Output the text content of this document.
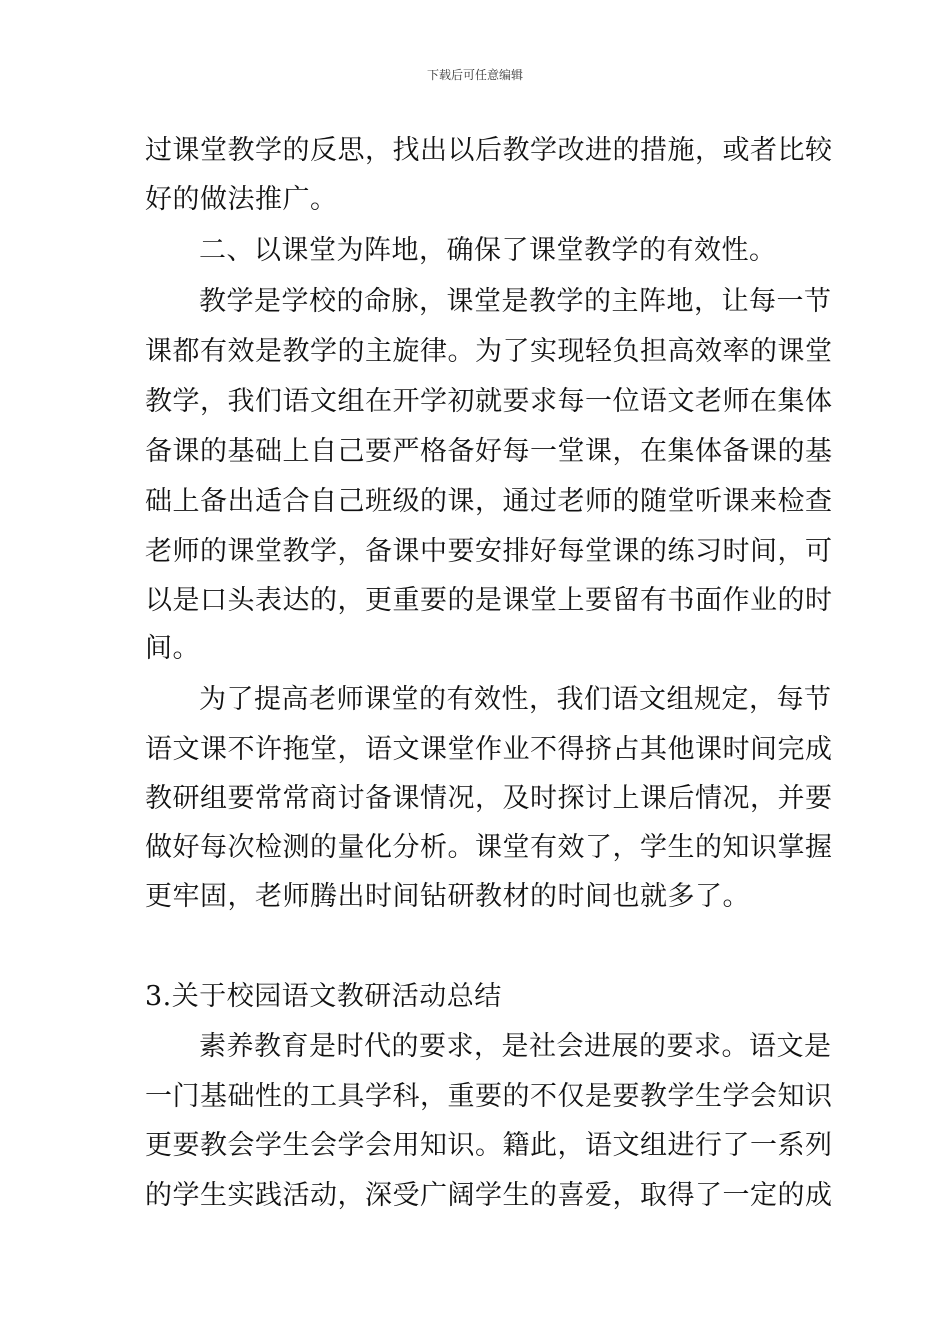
下载后可任意编辑
过课堂教学的反思，找出以后教学改进的措施，或者比较
好的做法推广。
二、以课堂为阵地，确保了课堂教学的有效性。
教学是学校的命脉，课堂是教学的主阵地，让每一节
课都有效是教学的主旋律。为了实现轻负担高效率的课堂
教学，我们语文组在开学初就要求每一位语文老师在集体
备课的基础上自己要严格备好每一堂课，在集体备课的基
础上备出适合自己班级的课，通过老师的随堂听课来检查
老师的课堂教学，备课中要安排好每堂课的练习时间，可
以是口头表达的，更重要的是课堂上要留有书面作业的时
间。
为了提高老师课堂的有效性，我们语文组规定，每节
语文课不许拖堂，语文课堂作业不得挤占其他课时间完成
教研组要常常商讨备课情况，及时探讨上课后情况，并要
做好每次检测的量化分析。课堂有效了，学生的知识掌握
更牢固，老师腾出时间钻研教材的时间也就多了。
3.关于校园语文教研活动总结
素养教育是时代的要求，是社会进展的要求。语文是
一门基础性的工具学科，重要的不仅是要教学生学会知识
更要教会学生会学会用知识。籍此，语文组进行了一系列
的学生实践活动，深受广阔学生的喜爱，取得了一定的成
